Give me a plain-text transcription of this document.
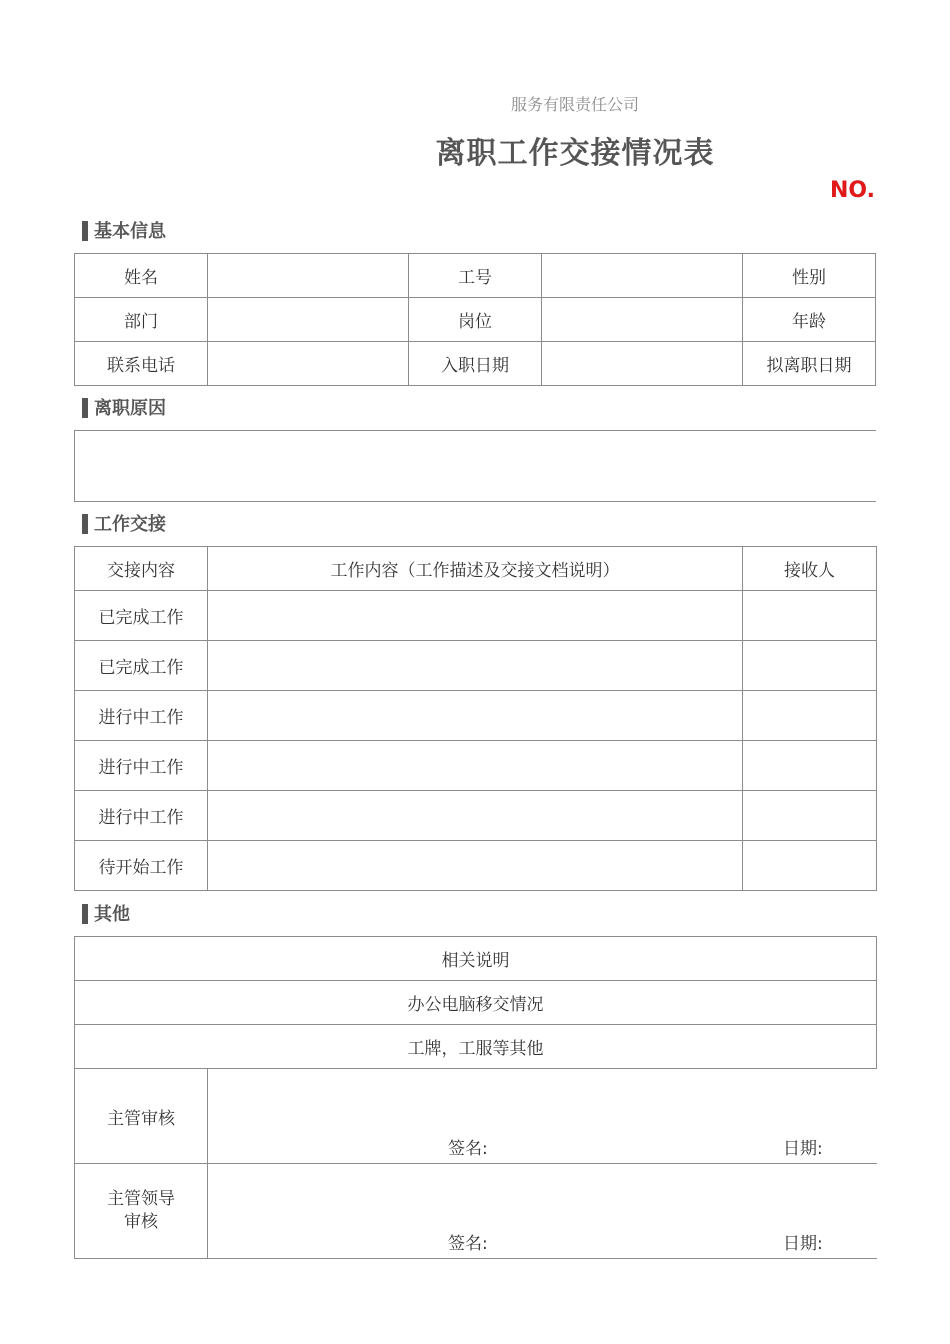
服务有限责任公司
离职工作交接情况表
NO.
基本信息
姓名		工号		性别
部门		岗位		年龄
联系电话		入职日期		拟离职日期
离职原因
工作交接
交接内容	工作内容（工作描述及交接文档说明）	接收人
已完成工作		
已完成工作		
进行中工作		
进行中工作		
进行中工作		
待开始工作		
其他
相关说明	
办公电脑移交情况	
工牌，工服等其他	
主管审核	签名: 日期:

主管领导
审核	签名: 日期:
